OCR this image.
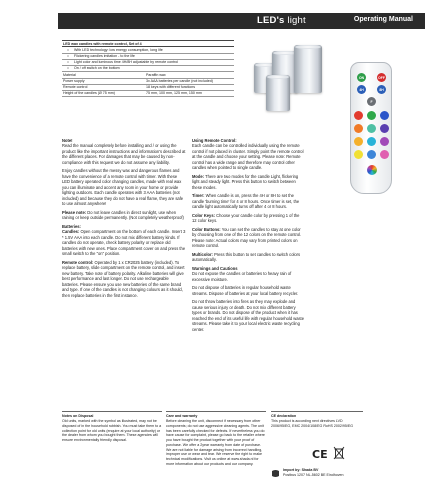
LED's light	Operating Manual
LED wax candles with remote control, Set of 4
•	With LED technology: low energy consumption, long life
•	Flickering candles imitation - to the life
•	Light color and luminous time 4H/8H adjustable by remote control
•	On / off switch on the bottom
Material	Paraffin wax
Power supply	3x AAA batteries per candle (not included)
Remote control	18 keys with different functions
Height of the candles (Ø 75 mm)	75 mm, 100 mm, 125 mm, 150 mm
ON	OFF
4H	8H
F

Note!
Read the manual completely before installing and / or using the product like the important instructions and information's described at the different places. For damages that may be caused by non-compliance with this request we do not assume any liability.

Enjoy candles without the messy wax and dangerous flames and have the convenience of a remote control with timer. With these LED battery operated color changing candles, made with real wax you can illuminate and accent any room in your home or provide lighting outdoors. Each candle operates with 3 AAA batteries (not included) and because they do not have a real flame, they are safe to use almost anywhere!

Please note: Do not leave candles in direct sunlight, use when raining or keep outside permanently. (Not completely weatherproof)

Batteries:

Candles: Open compartment on the bottom of each candle. Insert 3 * 1.5V AAA into each candle. Do not mix different battery kinds. If candles do not operate, check battery polarity or replace old batteries with new ones. Place compartment cover on and press the small switch to the "on" position.

Remote control: Operated by 1 x CR2025 battery (included). To replace battery, slide compartment on the remote control, and insert new battery. Take note of battery polarity. Alkaline batteries will give best performance and last longer. Do not use rechargeable batteries. Please ensure you use new batteries of the same brand and type. If one of the candles is not changing colours as it should, then replace batteries in the first instance.

Using Remote Control:
Each candle can be controlled individually using the remote control if not placed in cluster. Simply point the remote control at the candle and choose your setting. Please note: Remote control has a wide range and therefore may control other candles when pointed to single candle.

Mode: There are two modes for the candle Light, flickering light and steady light. Press this button to switch between these modes.

Timer: When candle is on, press the 4H or 8H to set the candle 'burning time' for 4 or 8 hours. Once timer is set, the candle light automatically turns off after 4 or 8 hours.

Color Keys: Choose your candle color by pressing 1 of the 12 color keys.

Color Buttons: You can set the candles to stay at one color by choosing from one of the 12 colors on the remote control. Please note: Actual colors may vary from printed colors on remote control.

Multicolor: Press this button to set candles to switch colors automatically.

Warnings and Cautions
Do not expose the candles or batteries to heavy rain of excessive moisture.

Do not dispose of batteries in regular household waste streams. Dispose of batteries at your local battery recycler.

Do not throw batteries into fires as they may explode and cause serious injury or death. Do not mix different battery types or brands. Do not dispose of the product when it has reached the end of its useful life with regular household waste streams. Please take it to your local electric waste recycling center.

Notes on Disposal
Old units, marked with the symbol as illustrated, may not be disposed of in the household rubbish. You must take them to a collection point for old units (enquire at your local authority) or the dealer from whom you bought them. These agencies will ensure environmentally friendly disposal.
Care and warranty
Before cleaning the unit, disconnect if necessary from other components; do not use aggressive cleaning agents. The unit has been carefully checked for defects. If nevertheless you do have cause for complaint, please go back to the retailer where you have bought the product together with your proof of purchase. We offer a 2year warranty from date of purchase. We are not liable for damage arising from incorrect handling, improper use or wear and tear. We reserve the right to make technical modifications. Visit us online at www.shada.nl for more information about our products and our company.
CE declaration
This product is according next directives LVD 2006/95/EG, EMC 2004/108/EG RoHS 2002/95/EG
CE
Import by: Shada BV
Postbus 1207 NL-5602 BE Eindhoven
